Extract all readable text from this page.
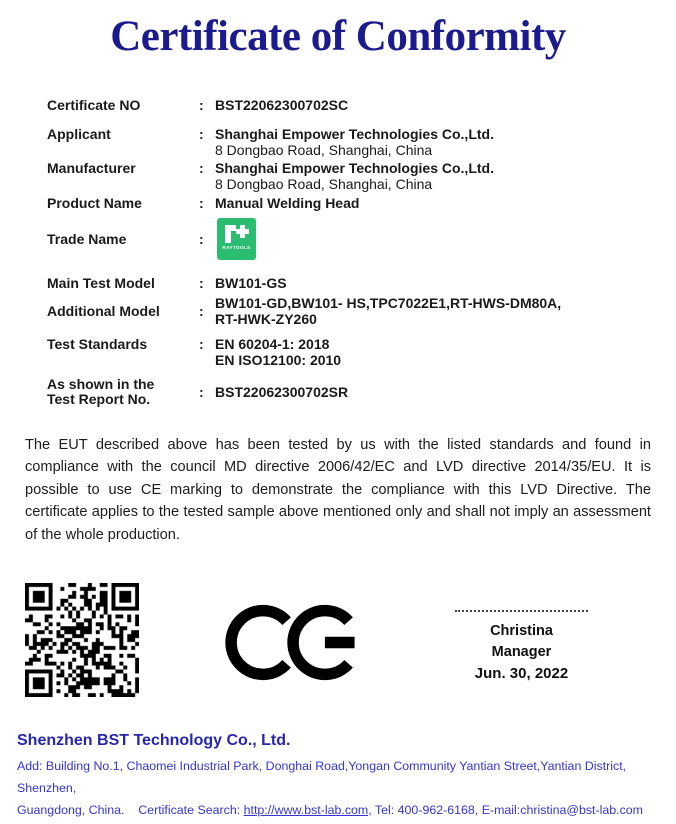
Certificate of Conformity
Certificate NO	: BST22062300702SC
Applicant	: Shanghai Empower Technologies Co.,Ltd.
8 Dongbao Road, Shanghai, China
Manufacturer	: Shanghai Empower Technologies Co.,Ltd.
8 Dongbao Road, Shanghai, China
Product Name	: Manual Welding Head
Trade Name	:
RAYTOOLS
Main Test Model	: BW101-GS
Additional Model	: BW101-GD,BW101- HS,TPC7022E1,RT-HWS-DM80A,
RT-HWK-ZY260
Test Standards	: EN 60204-1: 2018
EN ISO12100: 2010
As shown in the
Test Report No.	: BST22062300702SR
The EUT described above has been tested by us with the listed standards and found in compliance with the council MD directive 2006/42/EC and LVD directive 2014/35/EU. It is possible to use CE marking to demonstrate the compliance with this LVD Directive. The certificate applies to the tested sample above mentioned only and shall not imply an assessment of the whole production.
Christina
Manager
Jun. 30, 2022
Shenzhen BST Technology Co., Ltd.
Add: Building No.1, Chaomei Industrial Park, Donghai Road,Yongan Community Yantian Street,Yantian District, Shenzhen,
Guangdong, China.    Certificate Search: http://www.bst-lab.com, Tel: 400-962-6168, E-mail:christina@bst-lab.com
